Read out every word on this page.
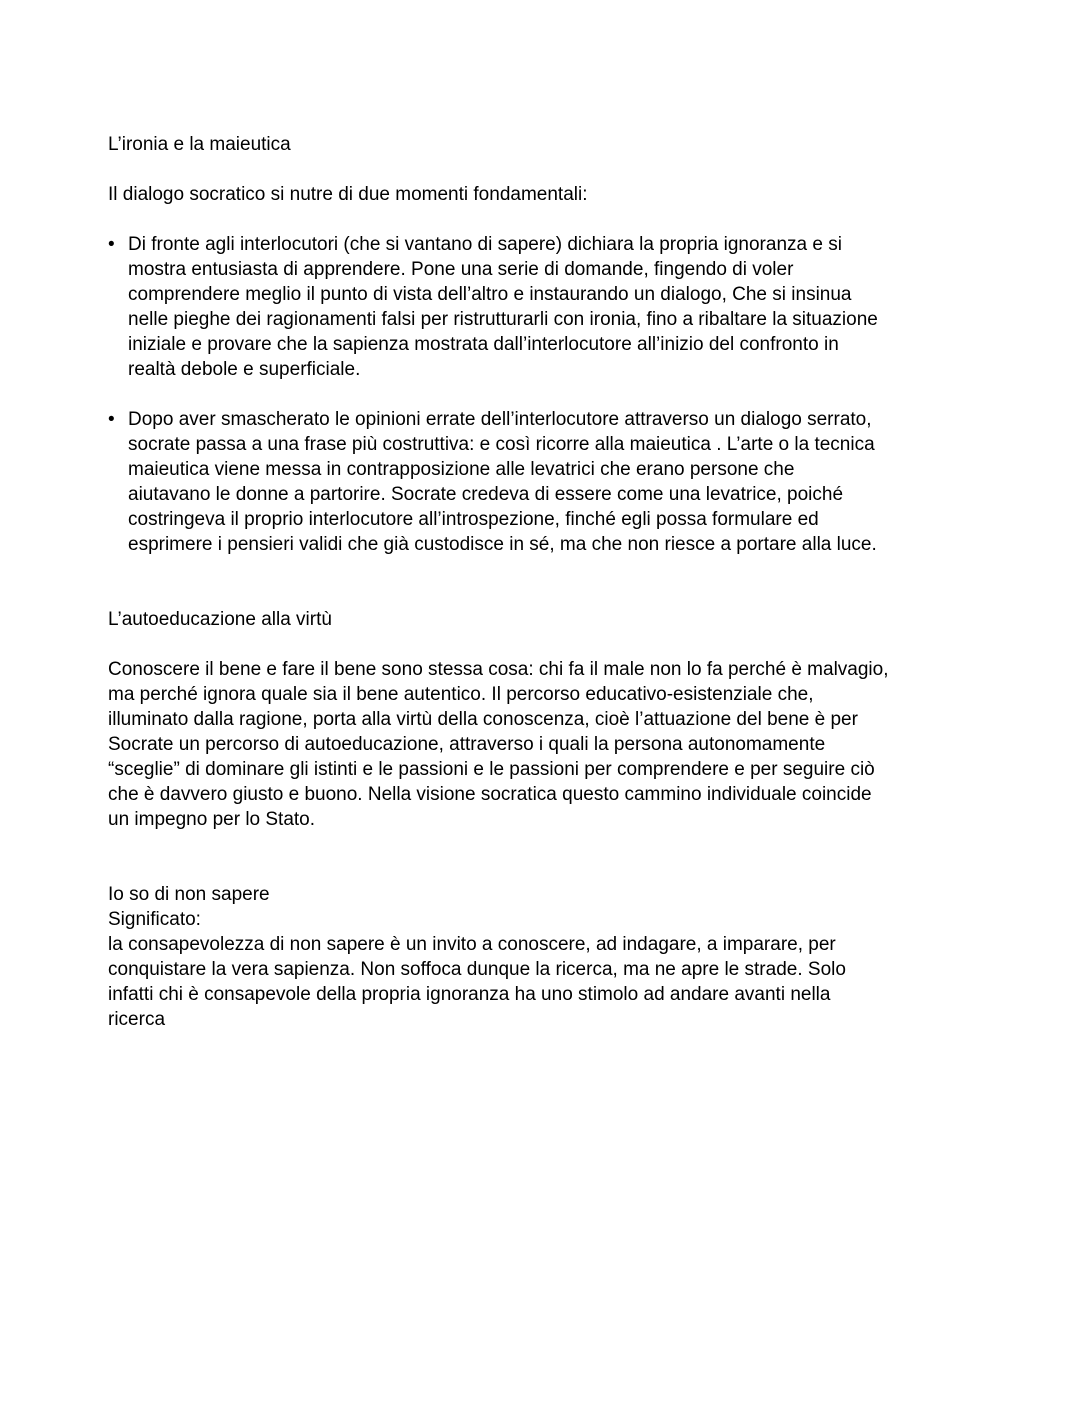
L’ironia e la maieutica

Il dialogo socratico si nutre di due momenti fondamentali:

• Di fronte agli interlocutori (che si vantano di sapere) dichiara la propria ignoranza e si
mostra entusiasta di apprendere. Pone una serie di domande, fingendo di voler
comprendere meglio il punto di vista dell’altro e instaurando un dialogo, Che si insinua
nelle pieghe dei ragionamenti falsi per ristrutturarli con ironia, fino a ribaltare la situazione
iniziale e provare che la sapienza mostrata dall’interlocutore all’inizio del confronto in
realtà debole e superficiale.
• Dopo aver smascherato le opinioni errate dell’interlocutore attraverso un dialogo serrato,
socrate passa a una frase più costruttiva: e così ricorre alla maieutica . L’arte o la tecnica
maieutica viene messa in contrapposizione alle levatrici che erano persone che
aiutavano le donne a partorire. Socrate credeva di essere come una levatrice, poiché
costringeva il proprio interlocutore all’introspezione, finché egli possa formulare ed
esprimere i pensieri validi che già custodisce in sé, ma che non riesce a portare alla luce.

L’autoeducazione alla virtù

Conoscere il bene e fare il bene sono stessa cosa: chi fa il male non lo fa perché è malvagio,
ma perché ignora quale sia il bene autentico. Il percorso educativo-esistenziale che,
illuminato dalla ragione, porta alla virtù della conoscenza, cioè l’attuazione del bene è per
Socrate un percorso di autoeducazione, attraverso i quali la persona autonomamente
“sceglie” di dominare gli istinti e le passioni e le passioni per comprendere e per seguire ciò
che è davvero giusto e buono. Nella visione socratica questo cammino individuale coincide
un impegno per lo Stato.

Io so di non sapere

Significato:

la consapevolezza di non sapere è un invito a conoscere, ad indagare, a imparare, per
conquistare la vera sapienza. Non soffoca dunque la ricerca, ma ne apre le strade. Solo
infatti chi è consapevole della propria ignoranza ha uno stimolo ad andare avanti nella
ricerca
